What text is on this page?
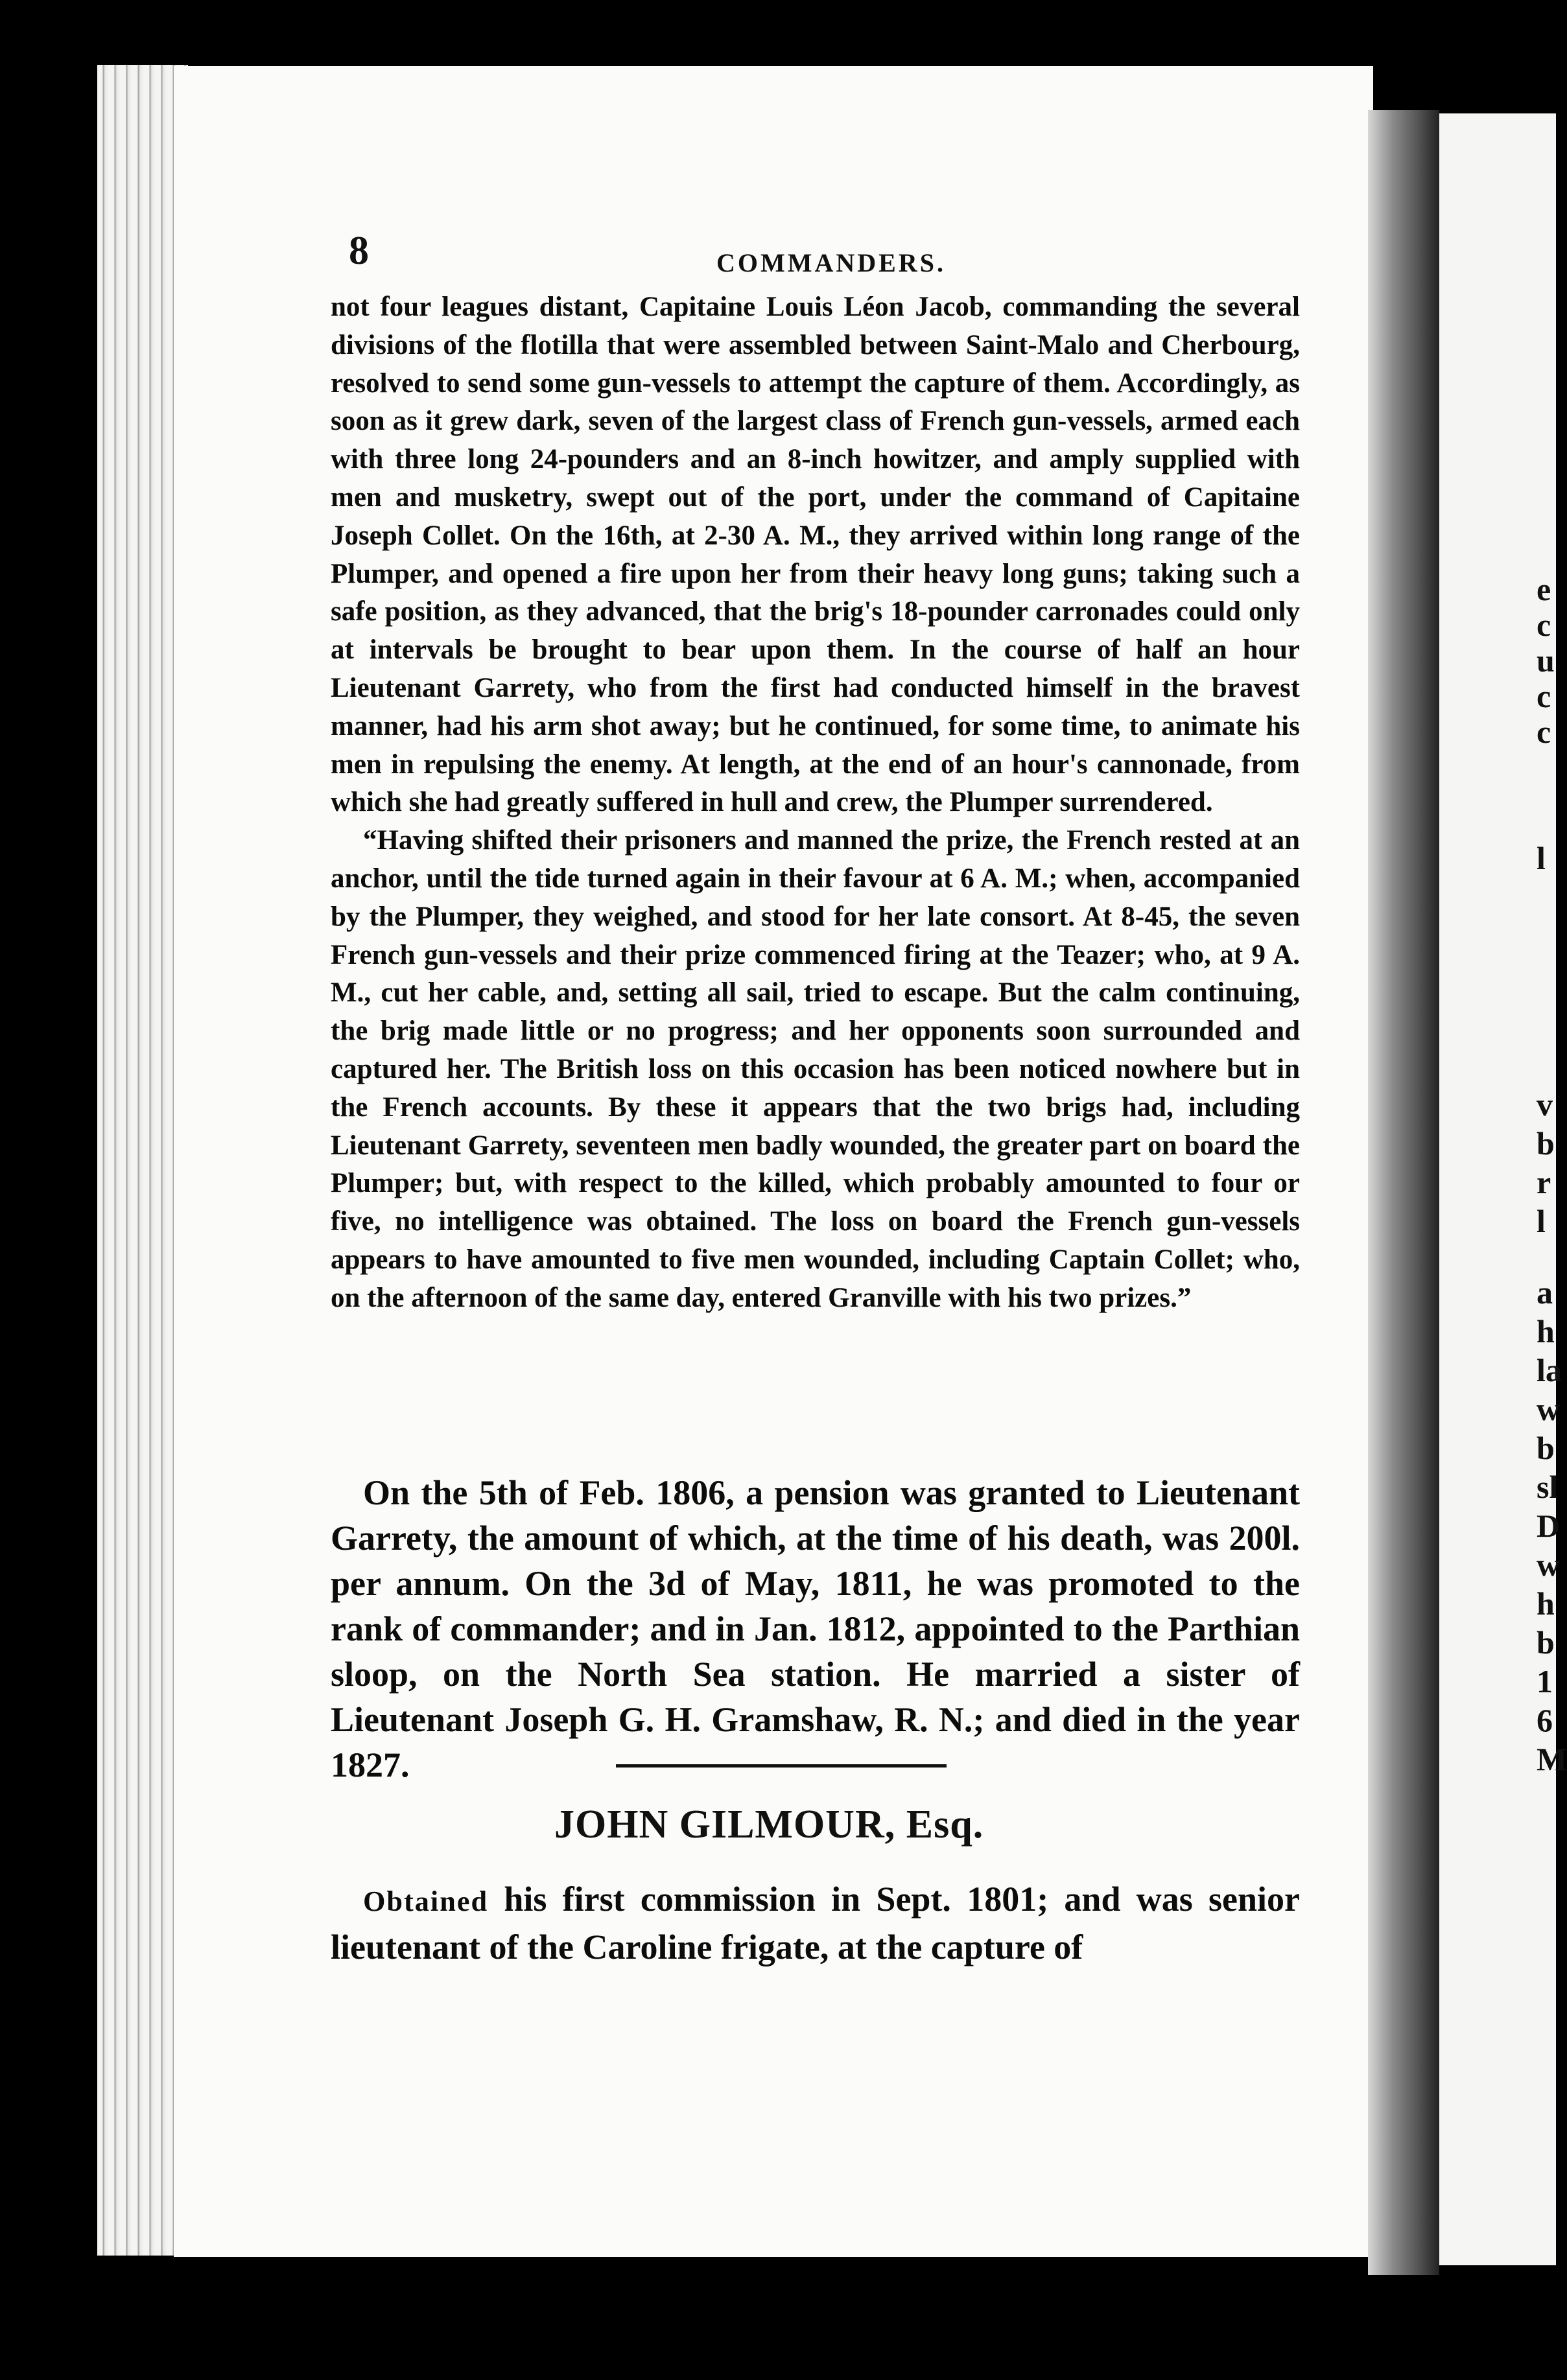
e
c
u
c
c
l
v
b
r
l
a
h
la
w
b
sl
D
w
h
b
1
6
M
8	COMMANDERS.

not four leagues distant, Capitaine Louis Léon Jacob, commanding the several divisions of the flotilla that were assembled between Saint-Malo and Cherbourg, resolved to send some gun-vessels to attempt the capture of them. Accordingly, as soon as it grew dark, seven of the largest class of French gun-vessels, armed each with three long 24-pounders and an 8-inch howitzer, and amply supplied with men and musketry, swept out of the port, under the command of Capitaine Joseph Collet. On the 16th, at 2-30 A. M., they arrived within long range of the Plumper, and opened a fire upon her from their heavy long guns; taking such a safe position, as they advanced, that the brig's 18-pounder carronades could only at intervals be brought to bear upon them. In the course of half an hour Lieutenant Garrety, who from the first had conducted himself in the bravest manner, had his arm shot away; but he continued, for some time, to animate his men in repulsing the enemy. At length, at the end of an hour's cannonade, from which she had greatly suffered in hull and crew, the Plumper surrendered.

“Having shifted their prisoners and manned the prize, the French rested at an anchor, until the tide turned again in their favour at 6 A. M.; when, accompanied by the Plumper, they weighed, and stood for her late consort. At 8-45, the seven French gun-vessels and their prize commenced firing at the Teazer; who, at 9 A. M., cut her cable, and, setting all sail, tried to escape. But the calm continuing, the brig made little or no progress; and her opponents soon surrounded and captured her. The British loss on this occasion has been noticed nowhere but in the French accounts. By these it appears that the two brigs had, including Lieutenant Garrety, seventeen men badly wounded, the greater part on board the Plumper; but, with respect to the killed, which probably amounted to four or five, no intelligence was obtained. The loss on board the French gun-vessels appears to have amounted to five men wounded, including Captain Collet; who, on the afternoon of the same day, entered Granville with his two prizes.”

On the 5th of Feb. 1806, a pension was granted to Lieutenant Garrety, the amount of which, at the time of his death, was 200l. per annum. On the 3d of May, 1811, he was promoted to the rank of commander; and in Jan. 1812, appointed to the Parthian sloop, on the North Sea station. He married a sister of Lieutenant Joseph G. H. Gramshaw, R. N.; and died in the year 1827.

JOHN GILMOUR, Esq.

Obtained his first commission in Sept. 1801; and was senior lieutenant of the Caroline frigate, at the capture of
